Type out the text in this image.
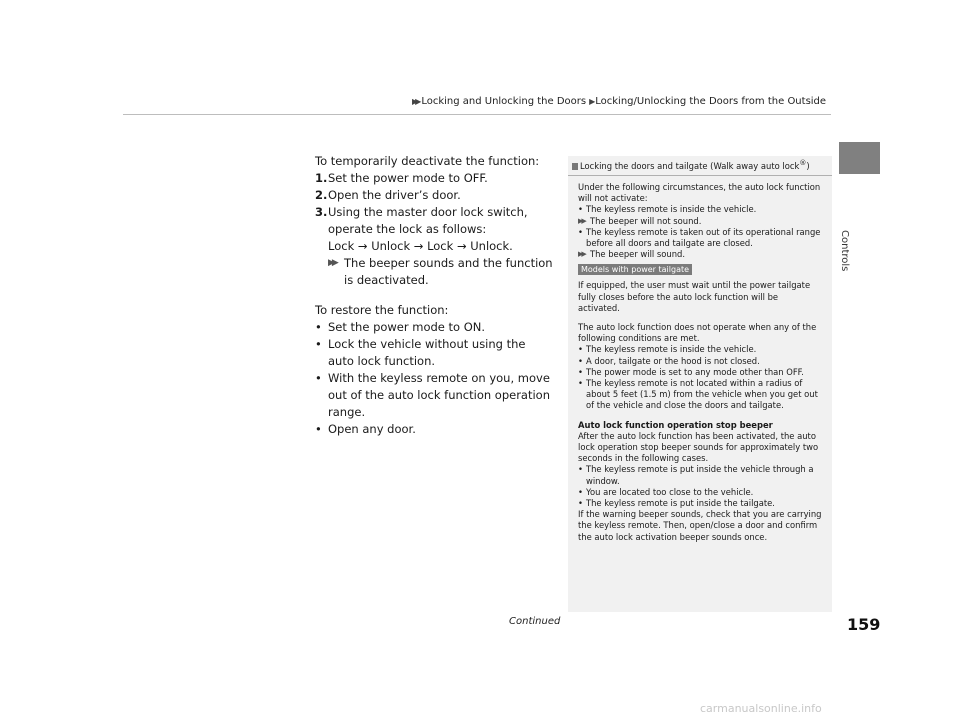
▶▶ Locking and Unlocking the Doors ▶ Locking/Unlocking the Doors from the Outside
Controls

To temporarily deactivate the function:

1. Set the power mode to OFF.
2. Open the driver’s door.
3. Using the master door lock switch, operate the lock as follows:
Lock → Unlock → Lock → Unlock.
▶▶ The beeper sounds and the function is deactivated.

To restore the function:

• Set the power mode to ON.
• Lock the vehicle without using the auto lock function.
• With the keyless remote on you, move out of the auto lock function operation range.
• Open any door.
Locking the doors and tailgate (Walk away auto lock®)

Under the following circumstances, the auto lock function will not activate:

• The keyless remote is inside the vehicle.
▶▶ The beeper will not sound.
• The keyless remote is taken out of its operational range before all doors and tailgate are closed.
▶▶ The beeper will sound.
Models with power tailgate

If equipped, the user must wait until the power tailgate fully closes before the auto lock function will be activated.

The auto lock function does not operate when any of the following conditions are met.

• The keyless remote is inside the vehicle.
• A door, tailgate or the hood is not closed.
• The power mode is set to any mode other than OFF.
• The keyless remote is not located within a radius of about 5 feet (1.5 m) from the vehicle when you get out of the vehicle and close the doors and tailgate.

Auto lock function operation stop beeper

After the auto lock function has been activated, the auto lock operation stop beeper sounds for approximately two seconds in the following cases.

• The keyless remote is put inside the vehicle through a window.
• You are located too close to the vehicle.
• The keyless remote is put inside the tailgate.

If the warning beeper sounds, check that you are carrying the keyless remote. Then, open/close a door and confirm the auto lock activation beeper sounds once.

Continued	159
carmanualsonline.info
